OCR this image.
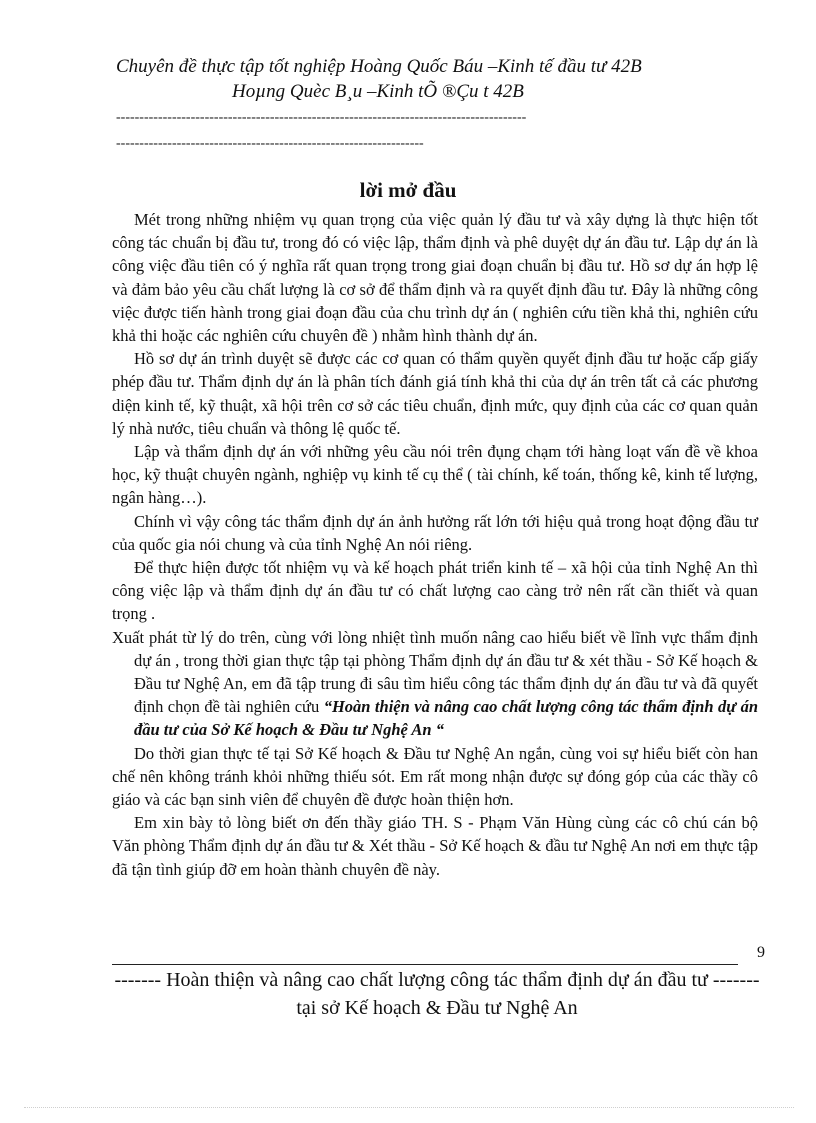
Chuyên đề thực tập tốt nghiệp Hoàng Quốc Báu –Kinh tế đầu tư 42B
Hoµng Quèc B¸u –Kinh tÕ ®Çu t 42B
----------------------------------------------------------------------------------------
------------------------------------------------------------------
lời mở đầu

Mét trong những nhiệm vụ quan trọng của việc quản lý đầu tư và xây dựng là thực hiện tốt công tác chuẩn bị đầu tư, trong đó có việc lập, thẩm định và phê duyệt dự án đầu tư. Lập dự án là công việc đầu tiên có ý nghĩa rất quan trọng trong giai đoạn chuẩn bị đầu tư. Hồ sơ dự án hợp lệ và đảm bảo yêu cầu chất lượng là cơ sở để thẩm định và ra quyết định đầu tư. Đây là những công việc được tiến hành trong giai đoạn đầu của chu trình dự án ( nghiên cứu tiền khả thi, nghiên cứu khả thi hoặc các nghiên cứu chuyên đề ) nhằm hình thành dự án.

Hồ sơ dự án trình duyệt sẽ được các cơ quan có thẩm quyền quyết định đầu tư hoặc cấp giấy phép đầu tư. Thẩm định dự án là phân tích đánh giá tính khả thi của dự án trên tất cả các phương diện kinh tế, kỹ thuật, xã hội trên cơ sở các tiêu chuẩn, định mức, quy định của các cơ quan quản lý nhà nước, tiêu chuẩn và thông lệ quốc tế.

Lập và thẩm định dự án với những yêu cầu nói trên đụng chạm tới hàng loạt vấn đề về khoa học, kỹ thuật chuyên ngành, nghiệp vụ kinh tế cụ thể ( tài chính, kế toán, thống kê, kinh tế lượng, ngân hàng…).

Chính vì vậy công tác thẩm định dự án ảnh hưởng rất lớn tới hiệu quả trong hoạt động đầu tư của quốc gia nói chung và của tỉnh Nghệ An nói riêng.

Để thực hiện được tốt nhiệm vụ và kế hoạch phát triển kinh tế – xã hội của tỉnh Nghệ An thì công việc lập và thẩm định dự án đầu tư có chất lượng cao càng trở nên rất cần thiết và quan trọng .

Xuất phát từ lý do trên, cùng với lòng nhiệt tình muốn nâng cao hiểu biết về lĩnh vực thẩm định dự án , trong thời gian thực tập tại phòng Thẩm định dự án đầu tư & xét thầu - Sở Kế hoạch & Đầu tư Nghệ An, em đã tập trung đi sâu tìm hiểu công tác thẩm định dự án đầu tư và đã quyết định chọn đề tài nghiên cứu “Hoàn thiện và nâng cao chất lượng công tác thẩm định dự án đầu tư của Sở Kế hoạch & Đầu tư Nghệ An “

Do thời gian thực tế tại Sở Kế hoạch & Đầu tư Nghệ An ngắn, cùng voi sự hiểu biết còn han chế nên không tránh khỏi những thiếu sót. Em rất mong nhận được sự đóng góp của các thầy cô giáo và các bạn sinh viên để chuyên đề được hoàn thiện hơn.

Em xin bày tỏ lòng biết ơn đến thầy giáo TH. S - Phạm Văn Hùng cùng các cô chú cán bộ Văn phòng Thẩm định dự án đầu tư & Xét thầu - Sở Kế hoạch & đầu tư Nghệ An nơi em thực tập đã tận tình giúp đỡ em hoàn thành chuyên đề này.

9
------- Hoàn thiện và nâng cao chất lượng công tác thẩm định dự án đầu tư -------
tại sở Kế hoạch & Đầu tư Nghệ An
